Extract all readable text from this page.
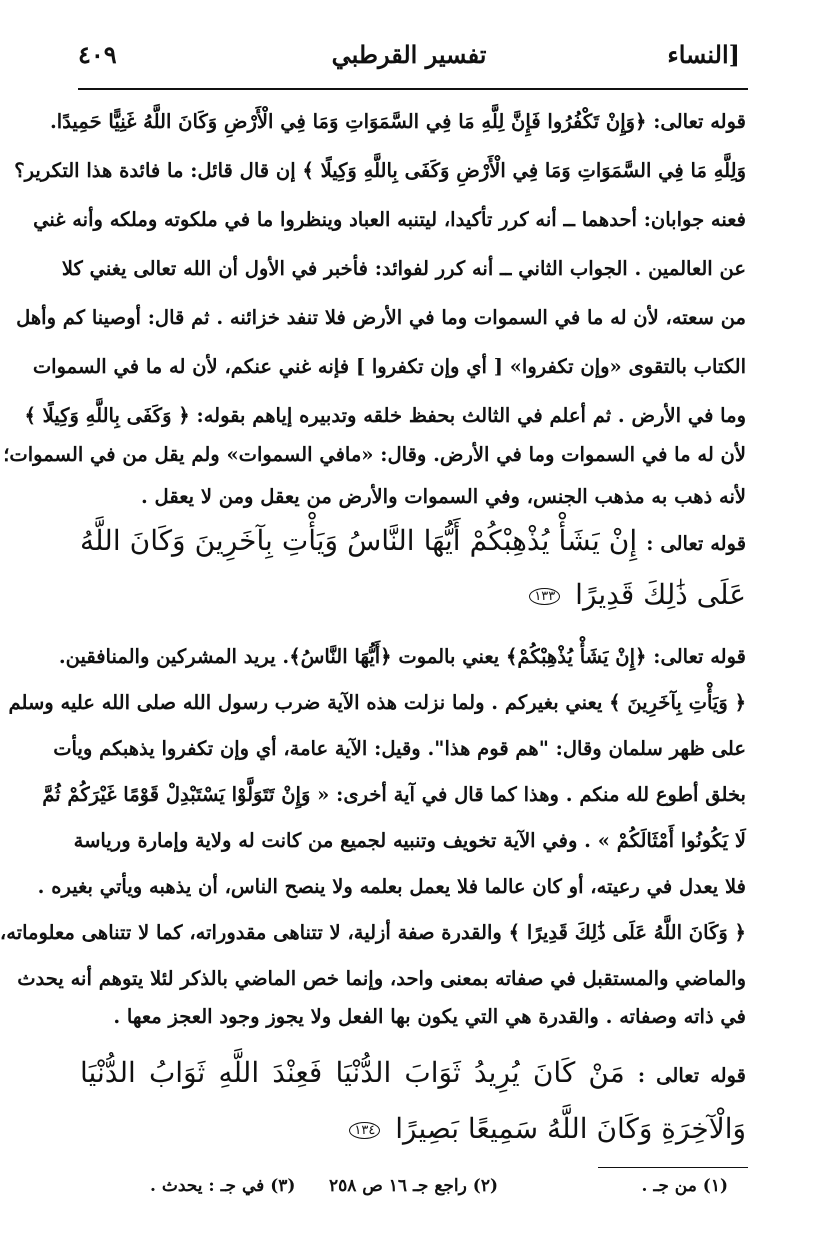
٤٠٩	تفسير القرطبي	[النساء
قوله تعالى: ﴿وَإِنْ تَكْفُرُوا فَإِنَّ لِلَّهِ مَا فِي السَّمَوَاتِ وَمَا فِي الْأَرْضِ وَكَانَ اللَّهُ غَنِيًّا حَمِيدًا.
وَلِلَّهِ مَا فِي السَّمَوَاتِ وَمَا فِي الْأَرْضِ وَكَفَى بِاللَّهِ وَكِيلًا ﴾ إن قال قائل: ما فائدة هذا التكرير؟
فعنه جوابان: أحدهما ــ أنه كرر تأكيدا، ليتنبه العباد وينظروا ما في ملكوته وملكه وأنه غني
عن العالمين . الجواب الثاني ــ أنه كرر لفوائد: فأخبر في الأول أن الله تعالى يغني كلا
من سعته، لأن له ما في السموات وما في الأرض فلا تنفد خزائنه . ثم قال: أوصينا كم وأهل
الكتاب بالتقوى «وإن تكفروا» [ أي وإن تكفروا ] فإنه غني عنكم، لأن له ما في السموات
وما في الأرض . ثم أعلم في الثالث بحفظ خلقه وتدبيره إياهم بقوله: ﴿ وَكَفَى بِاللَّهِ وَكِيلًا ﴾
لأن له ما في السموات وما في الأرض. وقال: «مافي السموات» ولم يقل من في السموات؛
لأنه ذهب به مذهب الجنس، وفي السموات والأرض من يعقل ومن لا يعقل .
قوله تعالى : إِنْ يَشَأْ يُذْهِبْكُمْ أَيُّهَا النَّاسُ وَيَأْتِ بِآخَرِينَ وَكَانَ اللَّهُ
عَلَى ذَٰلِكَ قَدِيرًا ١٣٣
قوله تعالى: ﴿إِنْ يَشَأْ يُذْهِبْكُمْ﴾ يعني بالموت ﴿أَيُّهَا النَّاسُ﴾. يريد المشركين والمنافقين.
﴿ وَيَأْتِ بِآخَرِينَ ﴾ يعني بغيركم . ولما نزلت هذه الآية ضرب رسول الله صلى الله عليه وسلم
على ظهر سلمان وقال: "هم قوم هذا". وقيل: الآية عامة، أي وإن تكفروا يذهبكم ويأت
بخلق أطوع لله منكم . وهذا كما قال في آية أخرى: « وَإِنْ تَتَوَلَّوْا يَسْتَبْدِلْ قَوْمًا غَيْرَكُمْ ثُمَّ
لَا يَكُونُوا أَمْثَالَكُمْ » . وفي الآية تخويف وتنبيه لجميع من كانت له ولاية وإمارة ورياسة
فلا يعدل في رعيته، أو كان عالما فلا يعمل بعلمه ولا ينصح الناس، أن يذهبه ويأتي بغيره .
﴿ وَكَانَ اللَّهُ عَلَى ذَٰلِكَ قَدِيرًا ﴾ والقدرة صفة أزلية، لا تتناهى مقدوراته، كما لا تتناهى معلوماته،
والماضي والمستقبل في صفاته بمعنى واحد، وإنما خص الماضي بالذكر لئلا يتوهم أنه يحدث
في ذاته وصفاته . والقدرة هي التي يكون بها الفعل ولا يجوز وجود العجز معها .
قوله تعالى : مَنْ كَانَ يُرِيدُ ثَوَابَ الدُّنْيَا فَعِنْدَ اللَّهِ ثَوَابُ الدُّنْيَا
وَالْآخِرَةِ وَكَانَ اللَّهُ سَمِيعًا بَصِيرًا ١٣٤
(١) من جـ .
(٢) راجع جـ ١٦ ص ٢٥٨
(٣) في جـ : يحدث .
